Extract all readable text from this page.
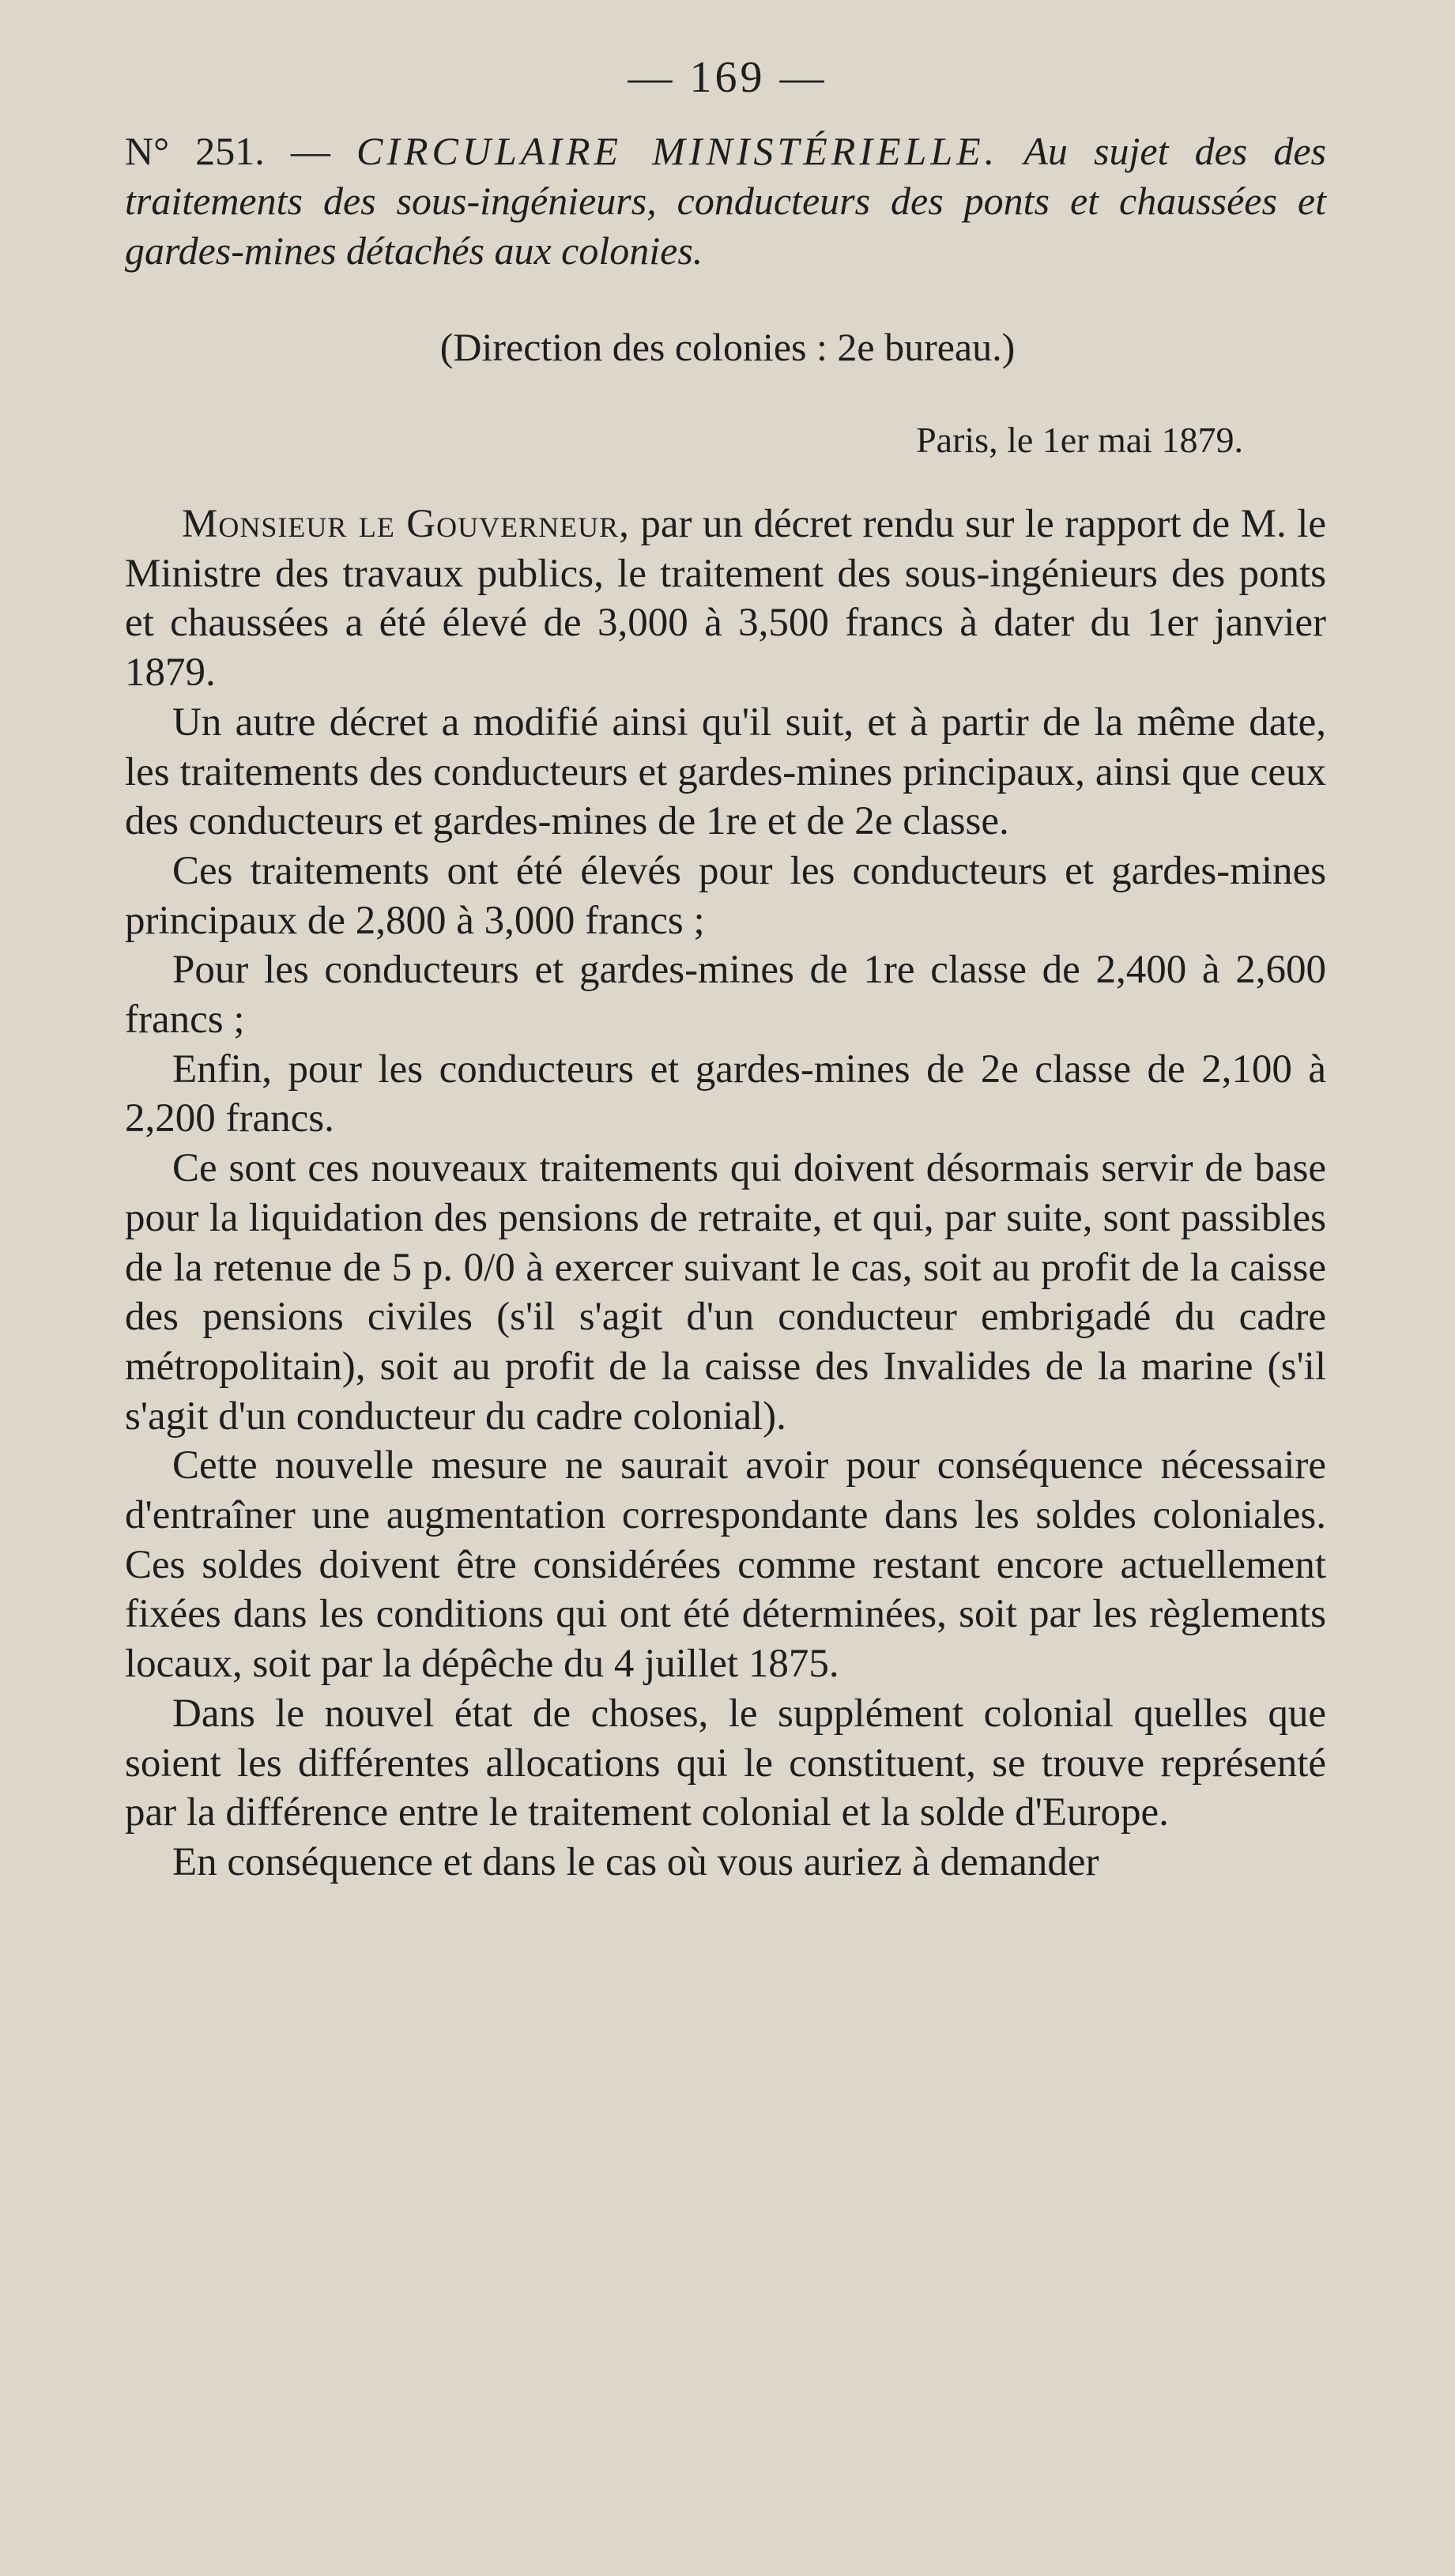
— 169 —
N° 251. — CIRCULAIRE MINISTÉRIELLE. Au sujet des des traitements des sous-ingénieurs, conducteurs des ponts et chaussées et gardes-mines détachés aux colonies.
(Direction des colonies : 2e bureau.)
Paris, le 1er mai 1879.

Monsieur le Gouverneur, par un décret rendu sur le rapport de M. le Ministre des travaux publics, le traitement des sous-ingénieurs des ponts et chaussées a été élevé de 3,000 à 3,500 francs à dater du 1er janvier 1879.

Un autre décret a modifié ainsi qu'il suit, et à partir de la même date, les traitements des conducteurs et gardes-mines principaux, ainsi que ceux des conducteurs et gardes-mines de 1re et de 2e classe.

Ces traitements ont été élevés pour les conducteurs et gardes-mines principaux de 2,800 à 3,000 francs ;

Pour les conducteurs et gardes-mines de 1re classe de 2,400 à 2,600 francs ;

Enfin, pour les conducteurs et gardes-mines de 2e classe de 2,100 à 2,200 francs.

Ce sont ces nouveaux traitements qui doivent désormais servir de base pour la liquidation des pensions de retraite, et qui, par suite, sont passibles de la retenue de 5 p. 0/0 à exercer suivant le cas, soit au profit de la caisse des pensions civiles (s'il s'agit d'un conducteur embrigadé du cadre métropolitain), soit au profit de la caisse des Invalides de la marine (s'il s'agit d'un conducteur du cadre colonial).

Cette nouvelle mesure ne saurait avoir pour conséquence nécessaire d'entraîner une augmentation correspondante dans les soldes coloniales. Ces soldes doivent être considérées comme restant encore actuellement fixées dans les conditions qui ont été déterminées, soit par les règlements locaux, soit par la dépêche du 4 juillet 1875.

Dans le nouvel état de choses, le supplément colonial quelles que soient les différentes allocations qui le constituent, se trouve représenté par la différence entre le traitement colonial et la solde d'Europe.

En conséquence et dans le cas où vous auriez à demander
